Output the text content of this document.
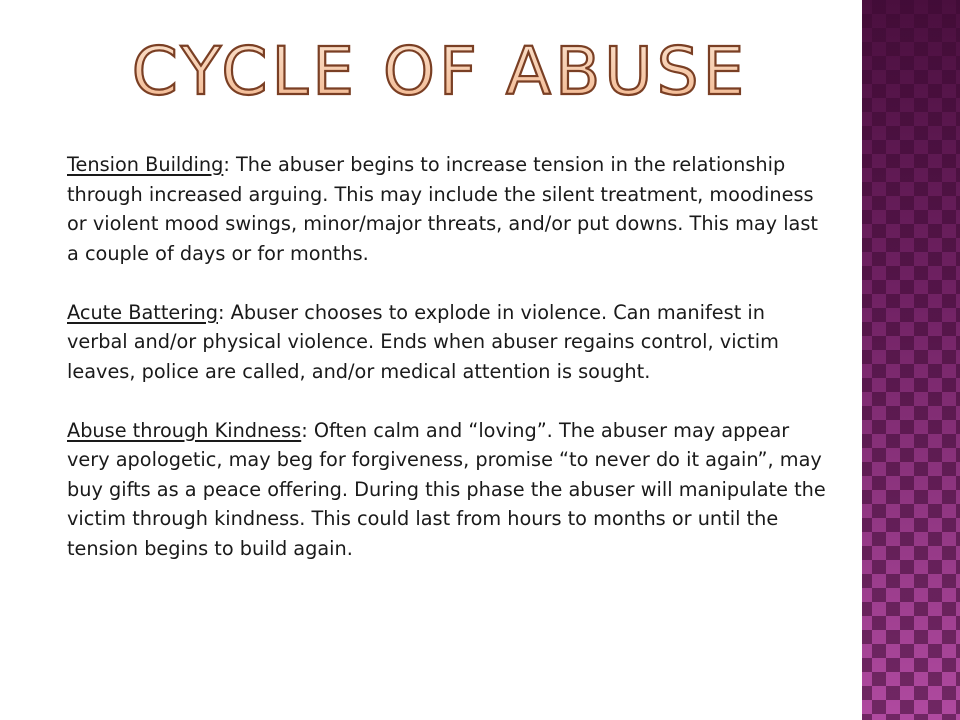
CYCLE OF ABUSE

Tension Building: The abuser begins to increase tension in the relationship through increased arguing. This may include the silent treatment, moodiness or violent mood swings, minor/major threats, and/or put downs. This may last a couple of days or for months.

Acute Battering: Abuser chooses to explode in violence. Can manifest in verbal and/or physical violence. Ends when abuser regains control, victim leaves, police are called, and/or medical attention is sought.

Abuse through Kindness: Often calm and “loving”. The abuser may appear very apologetic, may beg for forgiveness, promise “to never do it again”, may buy gifts as a peace offering. During this phase the abuser will manipulate the victim through kindness. This could last from hours to months or until the tension begins to build again.
